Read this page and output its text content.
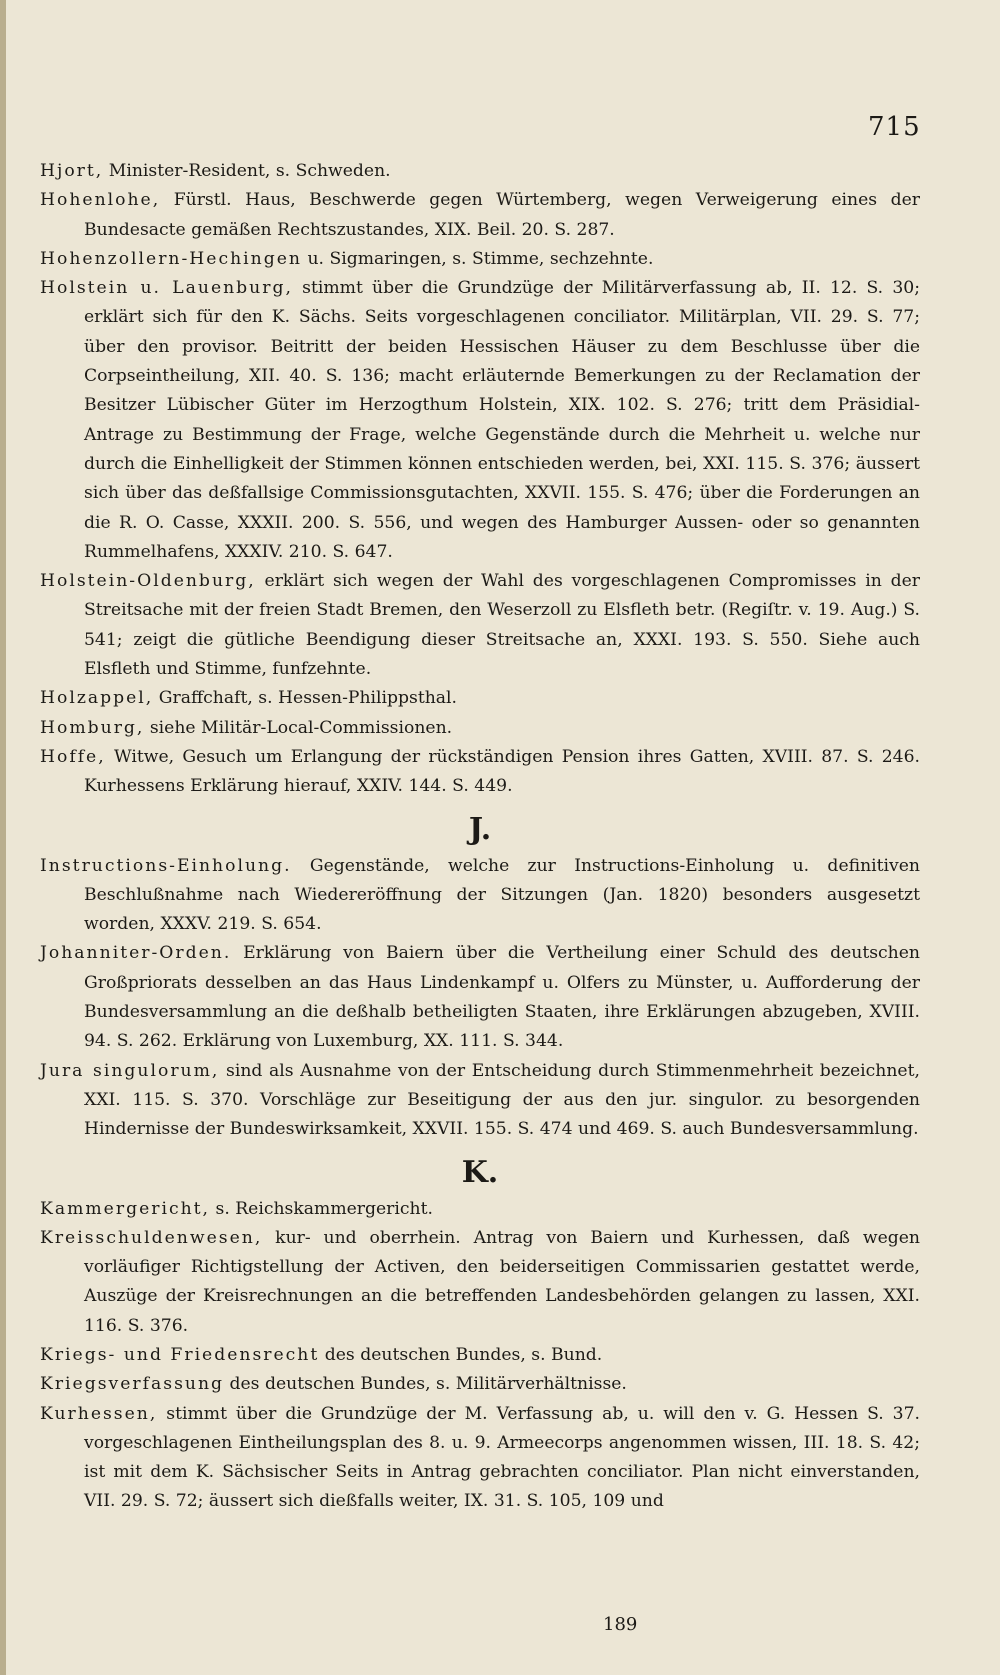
715

Hjort, Minister-Resident, s. Schweden.

Hohenlohe, Fürstl. Haus, Beschwerde gegen Würtemberg, wegen Verweigerung eines der Bundesacte gemäßen Rechtszustandes, XIX. Beil. 20. S. 287.

Hohenzollern-Hechingen u. Sigmaringen, s. Stimme, sechzehnte.

Holstein u. Lauenburg, stimmt über die Grundzüge der Militärverfassung ab, II. 12. S. 30; erklärt sich für den K. Sächs. Seits vorgeschlagenen conciliator. Militärplan, VII. 29. S. 77; über den provisor. Beitritt der beiden Hessischen Häuser zu dem Beschlusse über die Corpseintheilung, XII. 40. S. 136; macht erläuternde Bemerkungen zu der Reclamation der Besitzer Lübischer Güter im Herzogthum Holstein, XIX. 102. S. 276; tritt dem Präsidial-Antrage zu Bestimmung der Frage, welche Gegenstände durch die Mehrheit u. welche nur durch die Einhelligkeit der Stimmen können entschieden werden, bei, XXI. 115. S. 376; äussert sich über das deßfallsige Commissionsgutachten, XXVII. 155. S. 476; über die Forderungen an die R. O. Casse, XXXII. 200. S. 556, und wegen des Hamburger Aussen- oder so genannten Rummelhafens, XXXIV. 210. S. 647.

Holstein-Oldenburg, erklärt sich wegen der Wahl des vorgeschlagenen Compromisses in der Streitsache mit der freien Stadt Bremen, den Weserzoll zu Elsfleth betr. (Regiſtr. v. 19. Aug.) S. 541; zeigt die gütliche Beendigung dieser Streitsache an, XXXI. 193. S. 550. Siehe auch Elsfleth und Stimme, funfzehnte.

Holzappel, Graffchaft, s. Hessen-Philippsthal.

Homburg, siehe Militär-Local-Commissionen.

Hoffe, Witwe, Gesuch um Erlangung der rückständigen Pension ihres Gatten, XVIII. 87. S. 246. Kurhessens Erklärung hierauf, XXIV. 144. S. 449.

J.

Instructions-Einholung. Gegenstände, welche zur Instructions-Einholung u. definitiven Beschlußnahme nach Wiedereröffnung der Sitzungen (Jan. 1820) besonders ausgesetzt worden, XXXV. 219. S. 654.

Johanniter-Orden. Erklärung von Baiern über die Vertheilung einer Schuld des deutschen Großpriorats desselben an das Haus Lindenkampf u. Olfers zu Münster, u. Aufforderung der Bundesversammlung an die deßhalb betheiligten Staaten, ihre Erklärungen abzugeben, XVIII. 94. S. 262. Erklärung von Luxemburg, XX. 111. S. 344.

Jura singulorum, sind als Ausnahme von der Entscheidung durch Stimmenmehrheit bezeichnet, XXI. 115. S. 370. Vorschläge zur Beseitigung der aus den jur. singulor. zu besorgenden Hindernisse der Bundeswirksamkeit, XXVII. 155. S. 474 und 469. S. auch Bundesversammlung.

K.

Kammergericht, s. Reichskammergericht.

Kreisschuldenwesen, kur- und oberrhein. Antrag von Baiern und Kurhessen, daß wegen vorläufiger Richtigstellung der Activen, den beiderseitigen Commissarien gestattet werde, Auszüge der Kreisrechnungen an die betreffenden Landesbehörden gelangen zu lassen, XXI. 116. S. 376.

Kriegs- und Friedensrecht des deutschen Bundes, s. Bund.

Kriegsverfassung des deutschen Bundes, s. Militärverhältnisse.

Kurhessen, stimmt über die Grundzüge der M. Verfassung ab, u. will den v. G. Hessen S. 37. vorgeschlagenen Eintheilungsplan des 8. u. 9. Armeecorps angenommen wissen, III. 18. S. 42; ist mit dem K. Sächsischer Seits in Antrag gebrachten conciliator. Plan nicht einverstanden, VII. 29. S. 72; äussert sich dießfalls weiter, IX. 31. S. 105, 109 und

189
